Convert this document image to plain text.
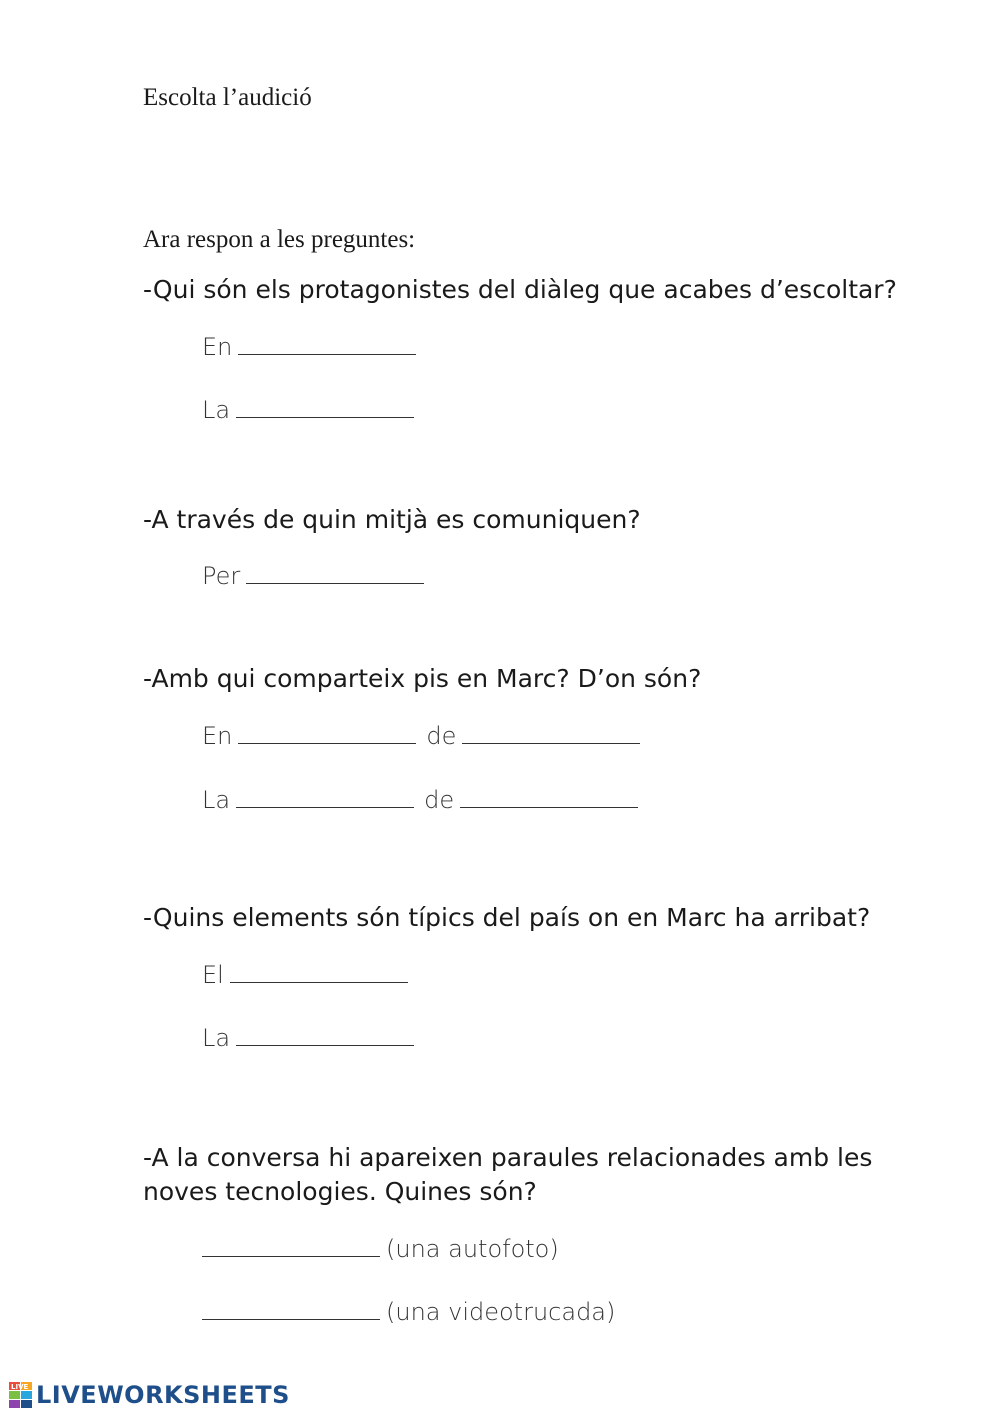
Escolta l’audició

Ara respon a les preguntes:

-Qui són els protagonistes del diàleg que acabes d’escoltar?

En

La

-A través de quin mitjà es comuniquen?

Per

-Amb qui comparteix pis en Marc? D’on són?

En	de

La	de

-Quins elements són típics del país on en Marc ha arribat?

El

La

-A la conversa hi apareixen paraules relacionades amb les

noves tecnologies. Quines són?

(una autofoto)

(una videotrucada)

LIVE LIVEWORKSHEETS
